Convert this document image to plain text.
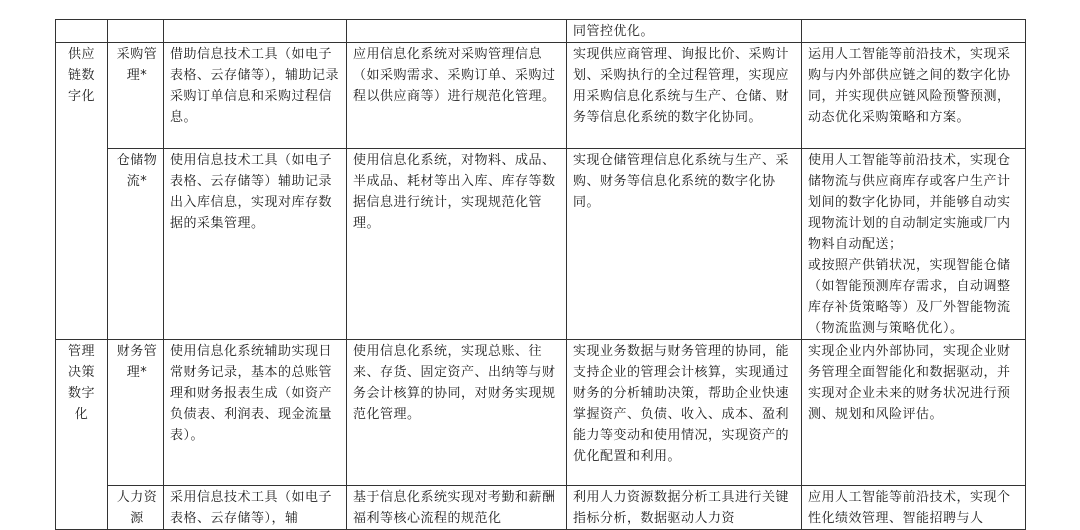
				同管控优化。	

供应链数字化	采购管理*	借助信息技术工具（如电子表格、云存储等），辅助记录采购订单信息和采购过程信息。	应用信息化系统对采购管理信息（如采购需求、采购订单、采购过程以供应商等）进行规范化管理。	实现供应商管理、询报比价、采购计划、采购执行的全过程管理，实现应用采购信息化系统与生产、仓储、财务等信息化系统的数字化协同。	运用人工智能等前沿技术，实现采购与内外部供应链之间的数字化协同，并实现供应链风险预警预测，动态优化采购策略和方案。

	仓储物流*	使用信息技术工具（如电子表格、云存储等）辅助记录出入库信息，实现对库存数据的采集管理。	使用信息化系统，对物料、成品、半成品、耗材等出入库、库存等数据信息进行统计，实现规范化管理。	实现仓储管理信息化系统与生产、采购、财务等信息化系统的数字化协同。	使用人工智能等前沿技术，实现仓储物流与供应商库存或客户生产计划间的数字化协同，并能够自动实现物流计划的自动制定实施或厂内物料自动配送；
或按照产供销状况，实现智能仓储（如智能预测库存需求，自动调整库存补货策略等）及厂外智能物流（物流监测与策略优化）。

管理决策数字化	财务管理*	使用信息化系统辅助实现日常财务记录，基本的总账管理和财务报表生成（如资产负债表、利润表、现金流量表）。	使用信息化系统，实现总账、往来、存货、固定资产、出纳等与财务会计核算的协同，对财务实现规范化管理。	实现业务数据与财务管理的协同，能支持企业的管理会计核算，实现通过财务的分析辅助决策，帮助企业快速掌握资产、负债、收入、成本、盈利能力等变动和使用情况，实现资产的优化配置和利用。	实现企业内外部协同，实现企业财务管理全面智能化和数据驱动，并实现对企业未来的财务状况进行预测、规划和风险评估。

	人力资源	采用信息技术工具（如电子表格、云存储等），辅	基于信息化系统实现对考勤和薪酬福利等核心流程的规范化	利用人力资源数据分析工具进行关键指标分析，数据驱动人力资	应用人工智能等前沿技术，实现个性化绩效管理、智能招聘与人
